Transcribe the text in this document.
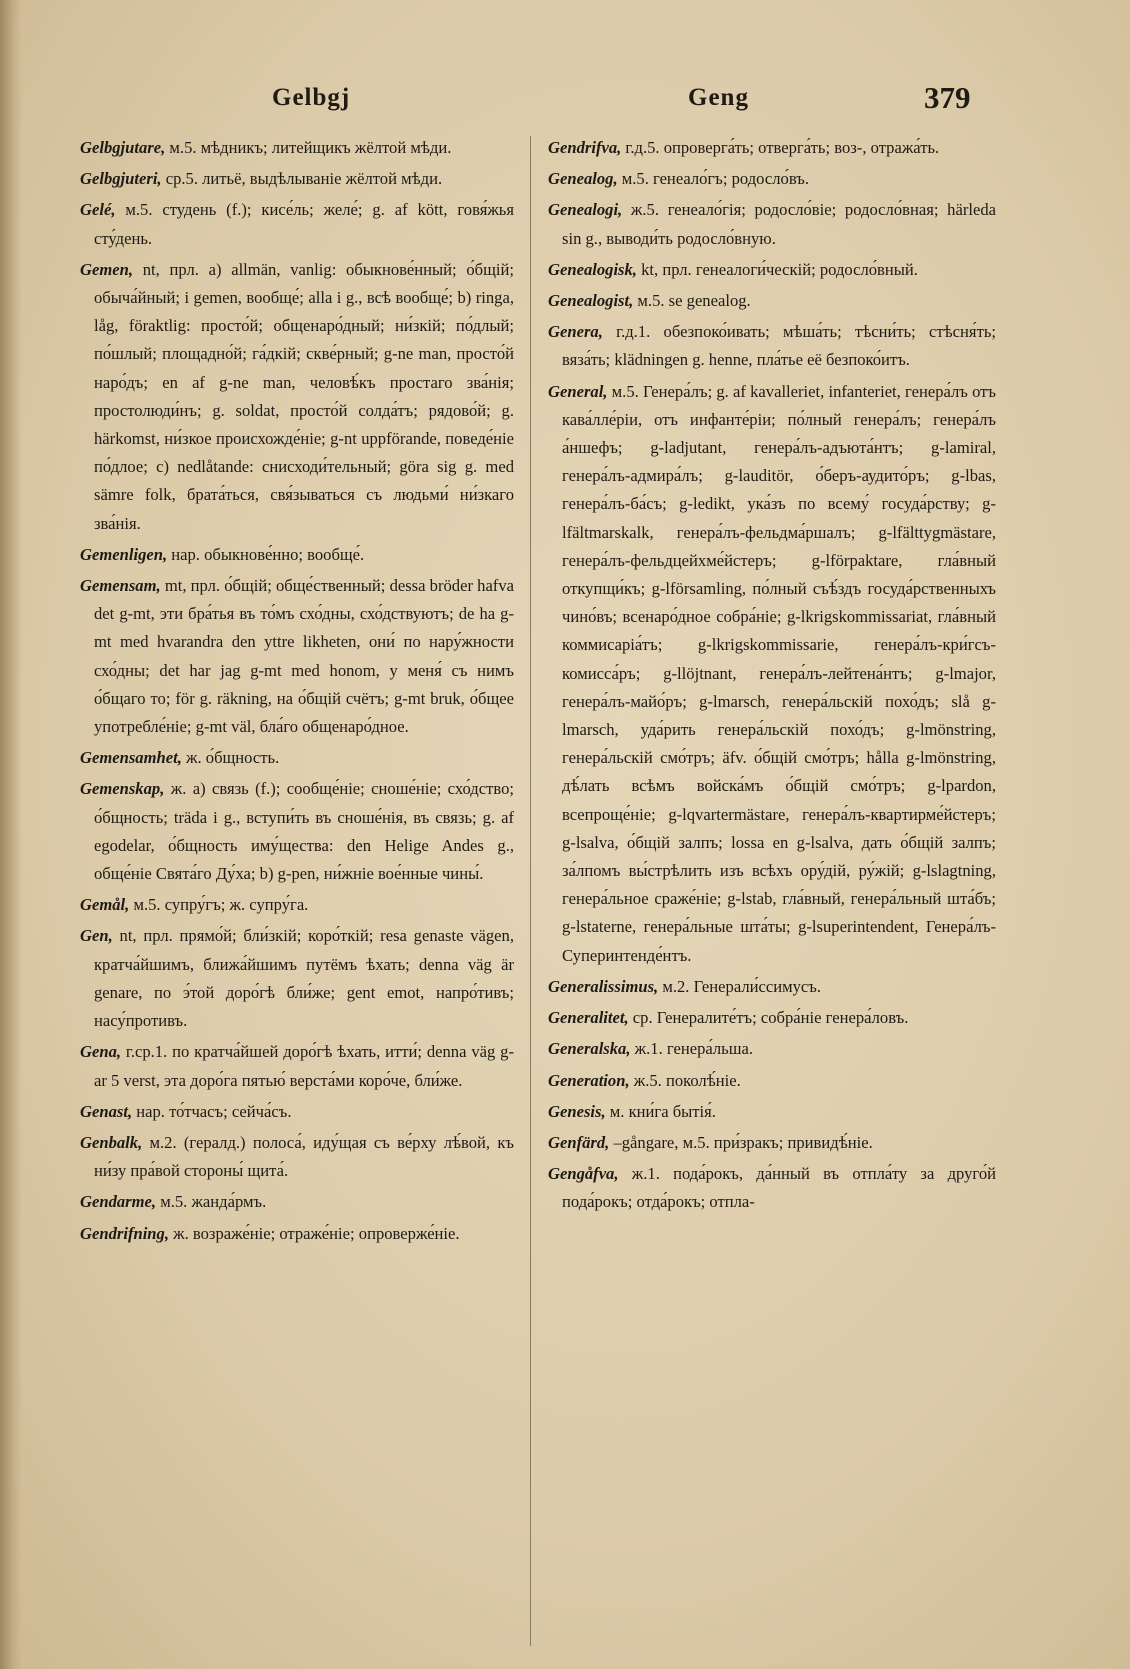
Gelbgj	Geng	379

Gelbgjutare, м.5. мѣдникъ; литейщикъ жёлтой мѣди.

Gelbgjuteri, ср.5. литьё, выдѣлываніе жёлтой мѣди.

Gelé, м.5. студень (f.); кисе́ль; желе́; g. af kött, говя́жья сту́день.

Gemen, nt, прл. а) allmän, vanlig: обыкнове́нный; о́бщій; обыча́йный; i gemen, вообще́; alla i g., всѣ вообще́; b) ringa, låg, föraktlig: просто́й; общенаро́дный; ни́зкій; по́длый; по́шлый; площадно́й; га́дкій; скве́рный; g-ne man, просто́й наро́дъ; en af g-ne man, человѣ́къ простаго зва́нія; простолюди́нъ; g. soldat, просто́й солда́тъ; рядово́й; g. härkomst, ни́зкое происхожде́ніе; g-nt uppförande, поведе́ніе по́длое; c) nedlåtande: снисходи́тельный; göra sig g. med sämre folk, брата́ться, свя́зываться съ людьми́ ни́зкаго зва́нія.

Gemenligen, нар. обыкнове́нно; вообще́.

Gemensam, mt, прл. о́бщій; обще́ственный; dessa bröder hafva det g-mt, эти бра́тья въ то́мъ схо́дны, схо́дствуютъ; de ha g-mt med hvarandra den yttre likheten, они́ по нару́жности схо́дны; det har jag g-mt med honom, у меня́ съ нимъ о́бщаго то; för g. räkning, на о́бщій счётъ; g-mt bruk, о́бщее употребле́ніе; g-mt väl, бла́го общенаро́дное.

Gemensamhet, ж. о́бщность.

Gemenskap, ж. а) связь (f.); сообще́ніе; сноше́ніе; схо́дство; о́бщность; träda i g., вступи́ть въ сноше́нія, въ связь; g. af egodelar, о́бщность иму́щества: den Helige Andes g., обще́ніе Свята́го Ду́ха; b) g-pen, ни́жніе вое́нные чины́.

Gemål, м.5. супру́гъ; ж. супру́га.

Gen, nt, прл. прямо́й; бли́зкій; коро́ткій; resa genaste vägen, кратча́йшимъ, ближа́йшимъ путёмъ ѣхать; denna väg är genare, по э́той доро́гѣ бли́же; gent emot, напро́тивъ; насу́противъ.

Gena, г.ср.1. по кратча́йшей доро́гѣ ѣхать, итти́; denna väg g-ar 5 verst, эта доро́га пятью́ верста́ми коро́че, бли́же.

Genast, нар. то́тчасъ; сейча́съ.

Genbalk, м.2. (гералд.) полоса́, иду́щая съ ве́рху лѣ́вой, къ ни́зу пра́вой стороны́ щита́.

Gendarme, м.5. жанда́рмъ.

Gendrifning, ж. возраже́ніе; отраже́ніе; опроверже́ніе.

Gendrifva, г.д.5. опроверга́ть; отверга́ть; воз-, отража́ть.

Genealog, м.5. генеало́гъ; родосло́въ.

Genealogi, ж.5. генеало́гія; родосло́віе; родосло́вная; härleda sin g., выводи́ть родосло́вную.

Genealogisk, kt, прл. генеалоги́ческій; родосло́вный.

Genealogist, м.5. se genealog.

Genera, г.д.1. обезпоко́ивать; мѣша́ть; тѣсни́ть; стѣсня́ть; вяза́ть; klädningen g. henne, пла́тье её безпоко́итъ.

General, м.5. Генера́лъ; g. af kavalleriet, infanteriet, генера́лъ отъ кава́лле́ріи, отъ инфанте́ріи; по́лный генера́лъ; генера́лъ а́ншефъ; g-ladjutant, генера́лъ-адъюта́нтъ; g-lamiral, генера́лъ-адмира́лъ; g-lauditör, о́беръ-аудито́ръ; g-lbas, генера́лъ-ба́съ; g-ledikt, ука́зъ по всему́ госуда́рству; g-lfältmarskalk, генера́лъ-фельдма́ршалъ; g-lfälttygmästare, генера́лъ-фельдцейхме́йстеръ; g-lförpaktare, гла́вный откупщи́къ; g-lförsamling, по́лный съѣ́здъ госуда́рственныхъ чино́въ; всенаро́дное собра́ніе; g-lkrigskommissariat, гла́вный коммисаріа́тъ; g-lkrigskommissarie, генера́лъ-кри́гсъ-комисса́ръ; g-llöjtnant, генера́лъ-лейтена́нтъ; g-lmajor, генера́лъ-майо́ръ; g-lmarsch, генера́льскій похо́дъ; slå g-lmarsch, уда́рить генера́льскій похо́дъ; g-lmönstring, генера́льскій смо́тръ; äfv. о́бщій смо́тръ; hålla g-lmönstring, дѣ́лать всѣмъ войска́мъ о́бщій смо́тръ; g-lpardon, всепроще́ніе; g-lqvartermästare, генера́лъ-квартирме́йстеръ; g-lsalva, о́бщій залпъ; lossa en g-lsalva, дать о́бщій залпъ; за́лпомъ вы́стрѣлить изъ всѣхъ ору́дій, ру́жій; g-lslagtning, генера́льное сраже́ніе; g-lstab, гла́вный, генера́льный шта́бъ; g-lstaterne, генера́льные шта́ты; g-lsuperintendent, Генера́лъ-Суперинтенде́нтъ.

Generalissimus, м.2. Генерали́ссимусъ.

Generalitet, ср. Генералите́тъ; собра́ніе генера́ловъ.

Generalska, ж.1. генера́льша.

Generation, ж.5. поколѣ́ніе.

Genesis, м. кни́га бытія́.

Genfärd, –gångare, м.5. при́зракъ; привидѣ́ніе.

Gengåfva, ж.1. пода́рокъ, да́нный въ отпла́ту за друго́й пода́рокъ; отда́рокъ; отпла-
